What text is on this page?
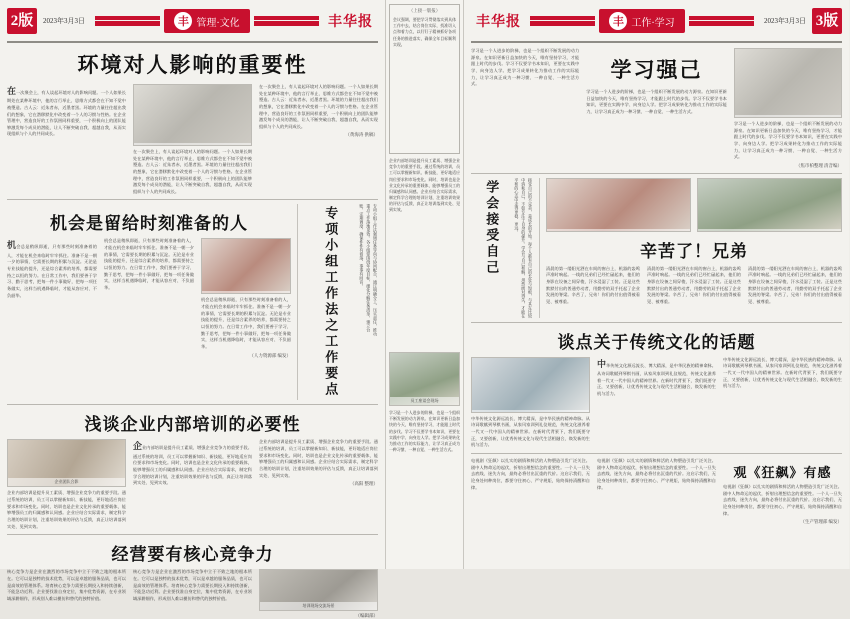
2版	2023年3月3日	丰 管理·文化	丰华报
环境对人影响的重要性
在一次聚会上，有人谈起环境对人的影响问题。一个人如果长期处在某种环境中，他的言行举止、思维方式都会在不知不觉中被塑造。古人云：近朱者赤，近墨者黑。环境的力量往往超出我们的想象，它在潜移默化中改变着一个人的习惯与性格。在企业管理中，营造良好的工作氛围同样重要，一个积极向上的团队能够激发每个成员的潜能，让人不断突破自我、超越自我，从而实现组织与个人的共同成长。
在一次聚会上，有人谈起环境对人的影响问题。一个人如果长期处在某种环境中，他的言行举止、思维方式都会在不知不觉中被塑造。古人云：近朱者赤，近墨者黑。环境的力量往往超出我们的想象，它在潜移默化中改变着一个人的习惯与性格。在企业管理中，营造良好的工作氛围同样重要，一个积极向上的团队能够激发每个成员的潜能，让人不断突破自我、超越自我，从而实现组织与个人的共同成长。
在一次聚会上，有人谈起环境对人的影响问题。一个人如果长期处在某种环境中，他的言行举止、思维方式都会在不知不觉中被塑造。古人云：近朱者赤，近墨者黑。环境的力量往往超出我们的想象，它在潜移默化中改变着一个人的习惯与性格。在企业管理中，营造良好的工作氛围同样重要，一个积极向上的团队能够激发每个成员的潜能，让人不断突破自我、超越自我，从而实现组织与个人的共同成长。
（黄海涛 供稿）
机会是留给时刻准备的人
机会总是稍纵即逝，只有那些时刻准备着的人，才能在机会来临时牢牢抓住。准备不是一朝一夕的事情，它需要长期的积累与沉淀。无论是专业技能的提升，还是综合素养的培养，都需要持之以恒的努力。在日常工作中，我们要善于学习、勤于思考，把每一件小事做好，把每一项任务做实，这样当机遇降临时，才能从容应对、不负韶华。
机会总是稍纵即逝，只有那些时刻准备着的人，才能在机会来临时牢牢抓住。准备不是一朝一夕的事情，它需要长期的积累与沉淀。无论是专业技能的提升，还是综合素养的培养，都需要持之以恒的努力。在日常工作中，我们要善于学习、勤于思考，把每一件小事做好，把每一项任务做实，这样当机遇降临时，才能从容应对、不负韶华。
机会总是稍纵即逝，只有那些时刻准备着的人，才能在机会来临时牢牢抓住。准备不是一朝一夕的事情，它需要长期的积累与沉淀。无论是专业技能的提升，还是综合素养的培养，都需要持之以恒的努力。在日常工作中，我们要善于学习、勤于思考，把每一件小事做好，把每一项任务做实，这样当机遇降临时，才能从容应对、不负韶华。
（人力资源部 编发） 专项小组工作法之工作要点	专项小组工作法强调任务导向与协同配合，通过明确分工、压实责任，推动重点工作落地见效。各小组要围绕年度目标，细化分解任务清单，建立台账，定期调度，确保件件有着落、事事有回音。
浅谈企业内部培训的必要性
企业团队合影
企业内部培训是提升员工素质、增强企业竞争力的重要手段。通过系统的培训，员工可以掌握新知识、新技能，更好地适应岗位要求和市场变化。同时，培训也是企业文化传承的重要载体，能够增强员工的归属感和认同感。企业应结合实际需求，制定科学合理的培训计划，注重培训效果的评估与反馈，真正让培训落到实处、见到实效。
企业内部培训是提升员工素质、增强企业竞争力的重要手段。通过系统的培训，员工可以掌握新知识、新技能，更好地适应岗位要求和市场变化。同时，培训也是企业文化传承的重要载体，能够增强员工的归属感和认同感。企业应结合实际需求，制定科学合理的培训计划，注重培训效果的评估与反馈，真正让培训落到实处、见到实效。
企业内部培训是提升员工素质、增强企业竞争力的重要手段。通过系统的培训，员工可以掌握新知识、新技能，更好地适应岗位要求和市场变化。同时，培训也是企业文化传承的重要载体，能够增强员工的归属感和认同感。企业应结合实际需求，制定科学合理的培训计划，注重培训效果的评估与反馈，真正让培训落到实处、见到实效。
（高阳 整理）
经营要有核心竞争力
核心竞争力是企业在激烈的市场竞争中立于不败之地的根本所在。它可以是独特的技术优势，可以是卓越的服务品质，也可以是高效的管理体系。培育核心竞争力需要长期投入和持续创新，不能急功近利。企业要找准自身定位，集中优势资源，在专业领域深耕细作，形成别人难以模仿和替代的独特价值。
核心竞争力是企业在激烈的市场竞争中立于不败之地的根本所在。它可以是独特的技术优势，可以是卓越的服务品质，也可以是高效的管理体系。培育核心竞争力需要长期投入和持续创新，不能急功近利。企业要找准自身定位，集中优势资源，在专业领域深耕细作，形成别人难以模仿和替代的独特价值。
培训现场交流场景
（编辑部）
（上接一版报）
会议强调，要把学习贯彻落实到具体工作中去，结合岗位实际，找准切入点和着力点，以钉钉子精神抓好各项任务的推进落实，确保全年目标顺利实现。
企业内部培训是提升员工素质、增强企业竞争力的重要手段。通过系统的培训，员工可以掌握新知识、新技能，更好地适应岗位要求和市场变化。同时，培训也是企业文化传承的重要载体，能够增强员工的归属感和认同感。企业应结合实际需求，制定科学合理的培训计划，注重培训效果的评估与反馈，真正让培训落到实处、见到实效。
员工座谈会现场
学习是一个人进步的阶梯，也是一个组织不断发展的动力源泉。在知识更新日益加快的今天，唯有坚持学习，才能跟上时代的步伐。学习不仅要学书本知识，更要在实践中学、向身边人学。把学习成果转化为推动工作的实际能力，让学习真正成为一种习惯、一种自觉、一种生活方式。
丰华报	丰 工作·学习	2023年3月3日 3版
学习是一个人进步的阶梯，也是一个组织不断发展的动力源泉。在知识更新日益加快的今天，唯有坚持学习，才能跟上时代的步伐。学习不仅要学书本知识，更要在实践中学、向身边人学。把学习成果转化为推动工作的实际能力，让学习真正成为一种习惯、一种自觉、一种生活方式。
学习强己
学习是一个人进步的阶梯，也是一个组织不断发展的动力源泉。在知识更新日益加快的今天，唯有坚持学习，才能跟上时代的步伐。学习不仅要学书本知识，更要在实践中学、向身边人学。把学习成果转化为推动工作的实际能力，让学习真正成为一种习惯、一种自觉、一种生活方式。
学习是一个人进步的阶梯，也是一个组织不断发展的动力源泉。在知识更新日益加快的今天，唯有坚持学习，才能跟上时代的步伐。学习不仅要学书本知识，更要在实践中学、向身边人学。把学习成果转化为推动工作的实际能力，让学习真正成为一种习惯、一种自觉、一种生活方式。
（焦市柏整理 清音编）
学会接受自己	接受自己的不完美，是成长的开始。每个人都有自己的长处与短板，与其在比较中消耗自己，不如专注于自身的提升。学会与自己和解，坦然面对得失，才能在平和的心态中走得更稳、更远。
辛苦了！兄弟
清晨的第一缕阳光洒在车间的窗台上，机器的轰鸣声准时响起。一线的兄弟们已经忙碌起来，他们的身影在设备之间穿梭，汗水浸湿了工装。正是这些默默付出的普通劳动者，用勤劳的双手托起了企业发展的脊梁。辛苦了，兄弟！你们的付出值得被看见、被尊重。
清晨的第一缕阳光洒在车间的窗台上，机器的轰鸣声准时响起。一线的兄弟们已经忙碌起来，他们的身影在设备之间穿梭，汗水浸湿了工装。正是这些默默付出的普通劳动者，用勤劳的双手托起了企业发展的脊梁。辛苦了，兄弟！你们的付出值得被看见、被尊重。
清晨的第一缕阳光洒在车间的窗台上，机器的轰鸣声准时响起。一线的兄弟们已经忙碌起来，他们的身影在设备之间穿梭，汗水浸湿了工装。正是这些默默付出的普通劳动者，用勤劳的双手托起了企业发展的脊梁。辛苦了，兄弟！你们的付出值得被看见、被尊重。
谈点关于传统文化的话题
中华传统文化源远流长、博大精深，是中华民族的精神命脉。从诗词歌赋到琴棋书画，从家风家训到礼仪规范，传统文化滋养着一代又一代中国人的精神世界。在新时代背景下，我们既要守正，又要创新，让优秀传统文化与现代生活相融合，焕发新的生机与活力。
中华传统文化源远流长、博大精深，是中华民族的精神命脉。从诗词歌赋到琴棋书画，从家风家训到礼仪规范，传统文化滋养着一代又一代中国人的精神世界。在新时代背景下，我们既要守正，又要创新，让优秀传统文化与现代生活相融合，焕发新的生机与活力。
中华传统文化源远流长、博大精深，是中华民族的精神命脉。从诗词歌赋到琴棋书画，从家风家训到礼仪规范，传统文化滋养着一代又一代中国人的精神世界。在新时代背景下，我们既要守正，又要创新，让优秀传统文化与现代生活相融合，焕发新的生机与活力。
电视剧《狂飙》以扎实的剧情和鲜活的人物塑造引发广泛关注。剧中人物命运的起伏，折射出理想信念的重要性。一个人一旦失去底线、迷失方向，最终必将付出沉重的代价。这启示我们，无论身处何种岗位，都要守住初心、严守规矩，始终保持清醒和自律。
电视剧《狂飙》以扎实的剧情和鲜活的人物塑造引发广泛关注。剧中人物命运的起伏，折射出理想信念的重要性。一个人一旦失去底线、迷失方向，最终必将付出沉重的代价。这启示我们，无论身处何种岗位，都要守住初心、严守规矩，始终保持清醒和自律。
观《狂飙》有感
电视剧《狂飙》以扎实的剧情和鲜活的人物塑造引发广泛关注。剧中人物命运的起伏，折射出理想信念的重要性。一个人一旦失去底线、迷失方向，最终必将付出沉重的代价。这启示我们，无论身处何种岗位，都要守住初心、严守规矩，始终保持清醒和自律。
（生产管理部 编发）
